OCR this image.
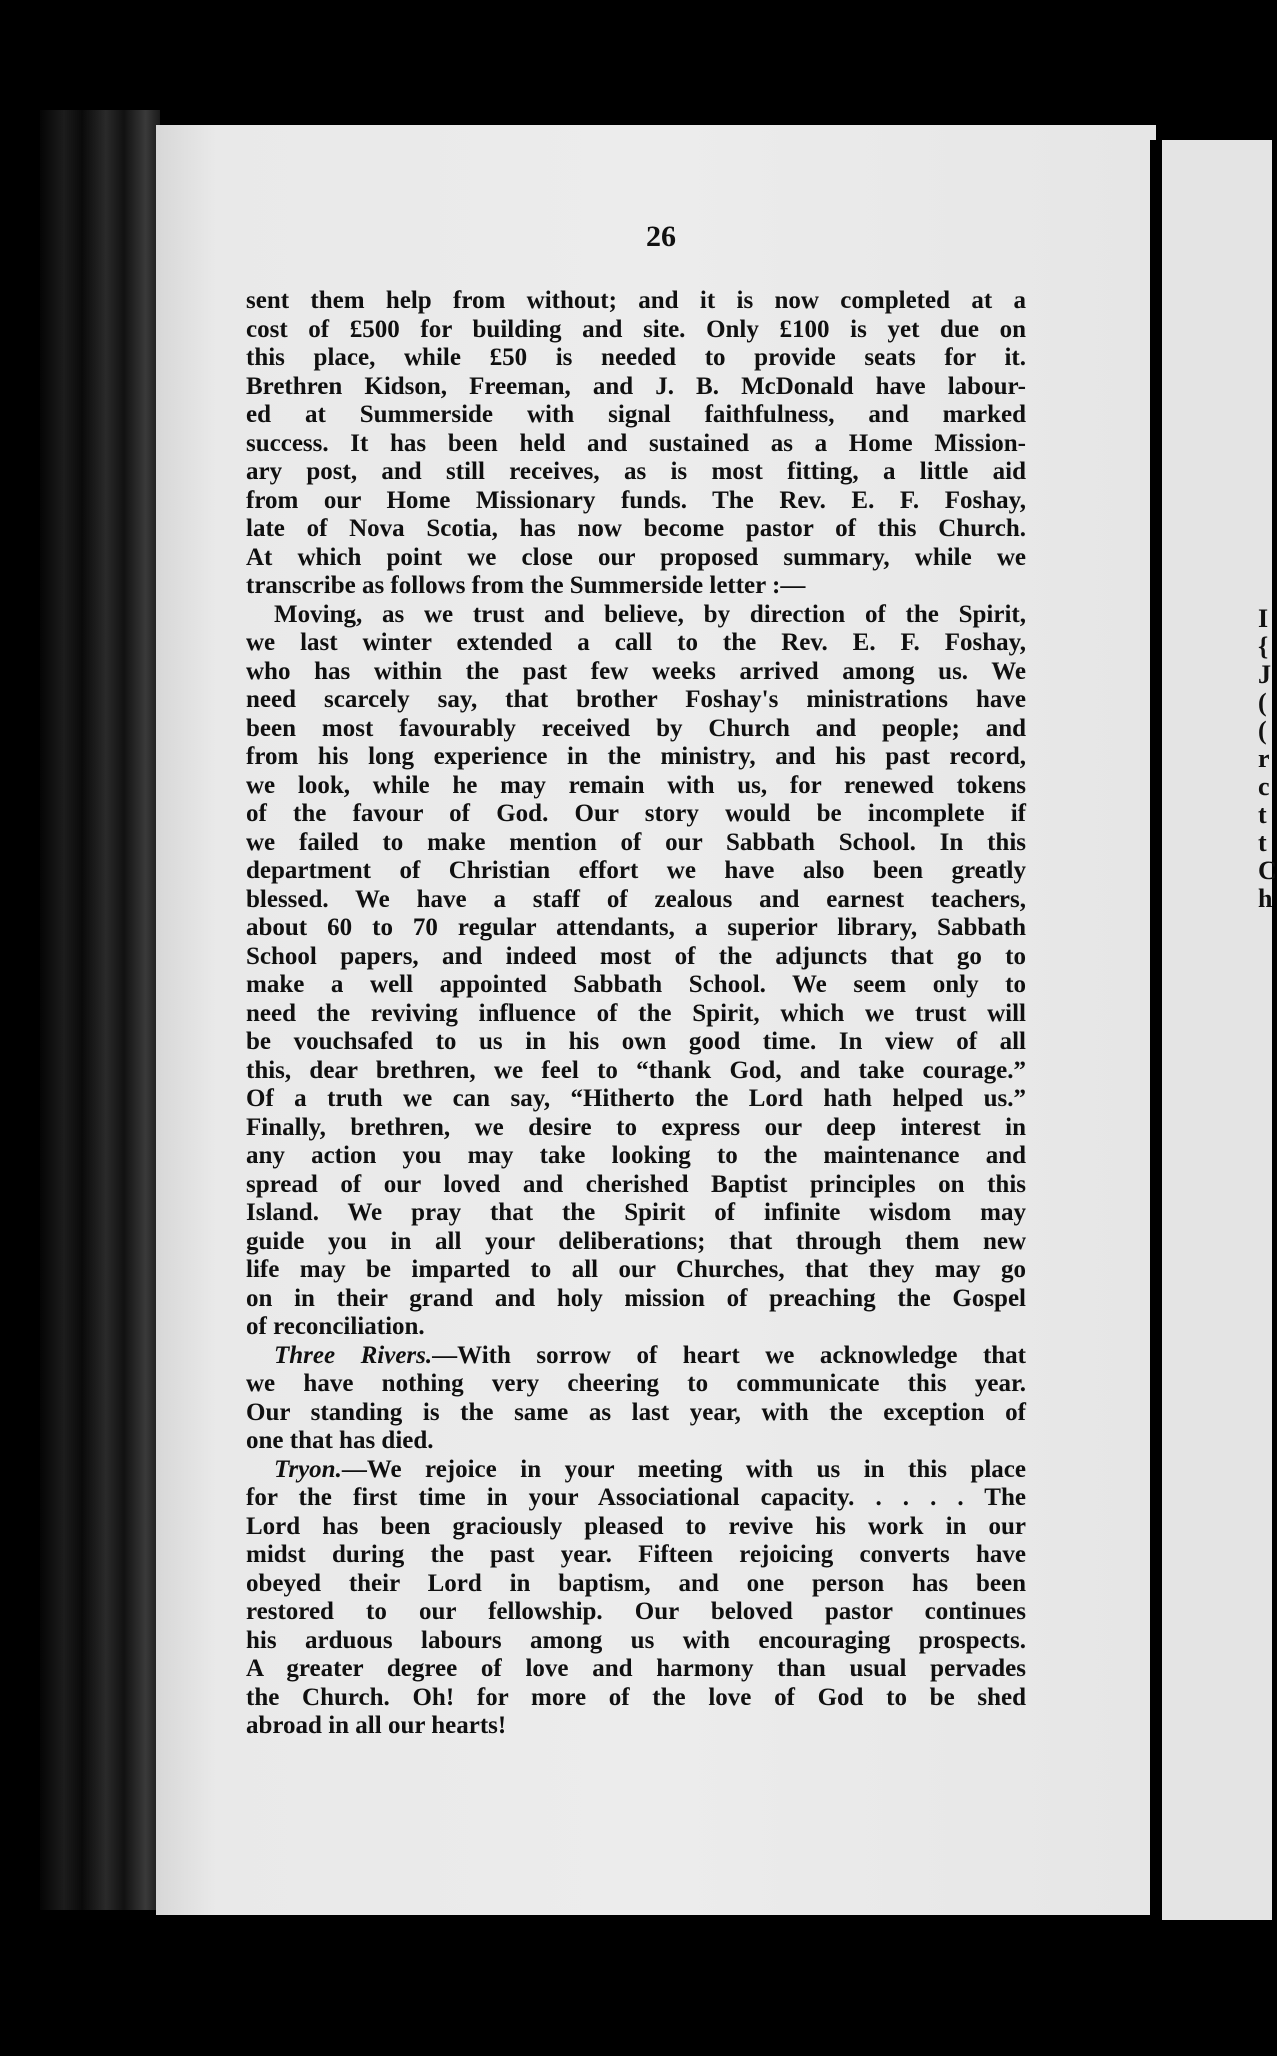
26

sent them help from without; and it is now completed at a
cost of £500 for building and site. Only £100 is yet due on
this place, while £50 is needed to provide seats for it.
Brethren Kidson, Freeman, and J. B. McDonald have labour-
ed at Summerside with signal faithfulness, and marked
success. It has been held and sustained as a Home Mission-
ary post, and still receives, as is most fitting, a little aid
from our Home Missionary funds. The Rev. E. F. Foshay,
late of Nova Scotia, has now become pastor of this Church.
At which point we close our proposed summary, while we
transcribe as follows from the Summerside letter :—

Moving, as we trust and believe, by direction of the Spirit,
we last winter extended a call to the Rev. E. F. Foshay,
who has within the past few weeks arrived among us. We
need scarcely say, that brother Foshay's ministrations have
been most favourably received by Church and people; and
from his long experience in the ministry, and his past record,
we look, while he may remain with us, for renewed tokens
of the favour of God. Our story would be incomplete if
we failed to make mention of our Sabbath School. In this
department of Christian effort we have also been greatly
blessed. We have a staff of zealous and earnest teachers,
about 60 to 70 regular attendants, a superior library, Sabbath
School papers, and indeed most of the adjuncts that go to
make a well appointed Sabbath School. We seem only to
need the reviving influence of the Spirit, which we trust will
be vouchsafed to us in his own good time. In view of all
this, dear brethren, we feel to “thank God, and take courage.”
Of a truth we can say, “Hitherto the Lord hath helped us.”
Finally, brethren, we desire to express our deep interest in
any action you may take looking to the maintenance and
spread of our loved and cherished Baptist principles on this
Island. We pray that the Spirit of infinite wisdom may
guide you in all your deliberations; that through them new
life may be imparted to all our Churches, that they may go
on in their grand and holy mission of preaching the Gospel
of reconciliation.

Three Rivers.—With sorrow of heart we acknowledge that
we have nothing very cheering to communicate this year.
Our standing is the same as last year, with the exception of
one that has died.

Tryon.—We rejoice in your meeting with us in this place
for the first time in your Associational capacity. . . . . The
Lord has been graciously pleased to revive his work in our
midst during the past year. Fifteen rejoicing converts have
obeyed their Lord in baptism, and one person has been
restored to our fellowship. Our beloved pastor continues
his arduous labours among us with encouraging prospects.
A greater degree of love and harmony than usual pervades
the Church. Oh! for more of the love of God to be shed
abroad in all our hearts!

I
{
J
(
(
r
c
t
t
C
h
